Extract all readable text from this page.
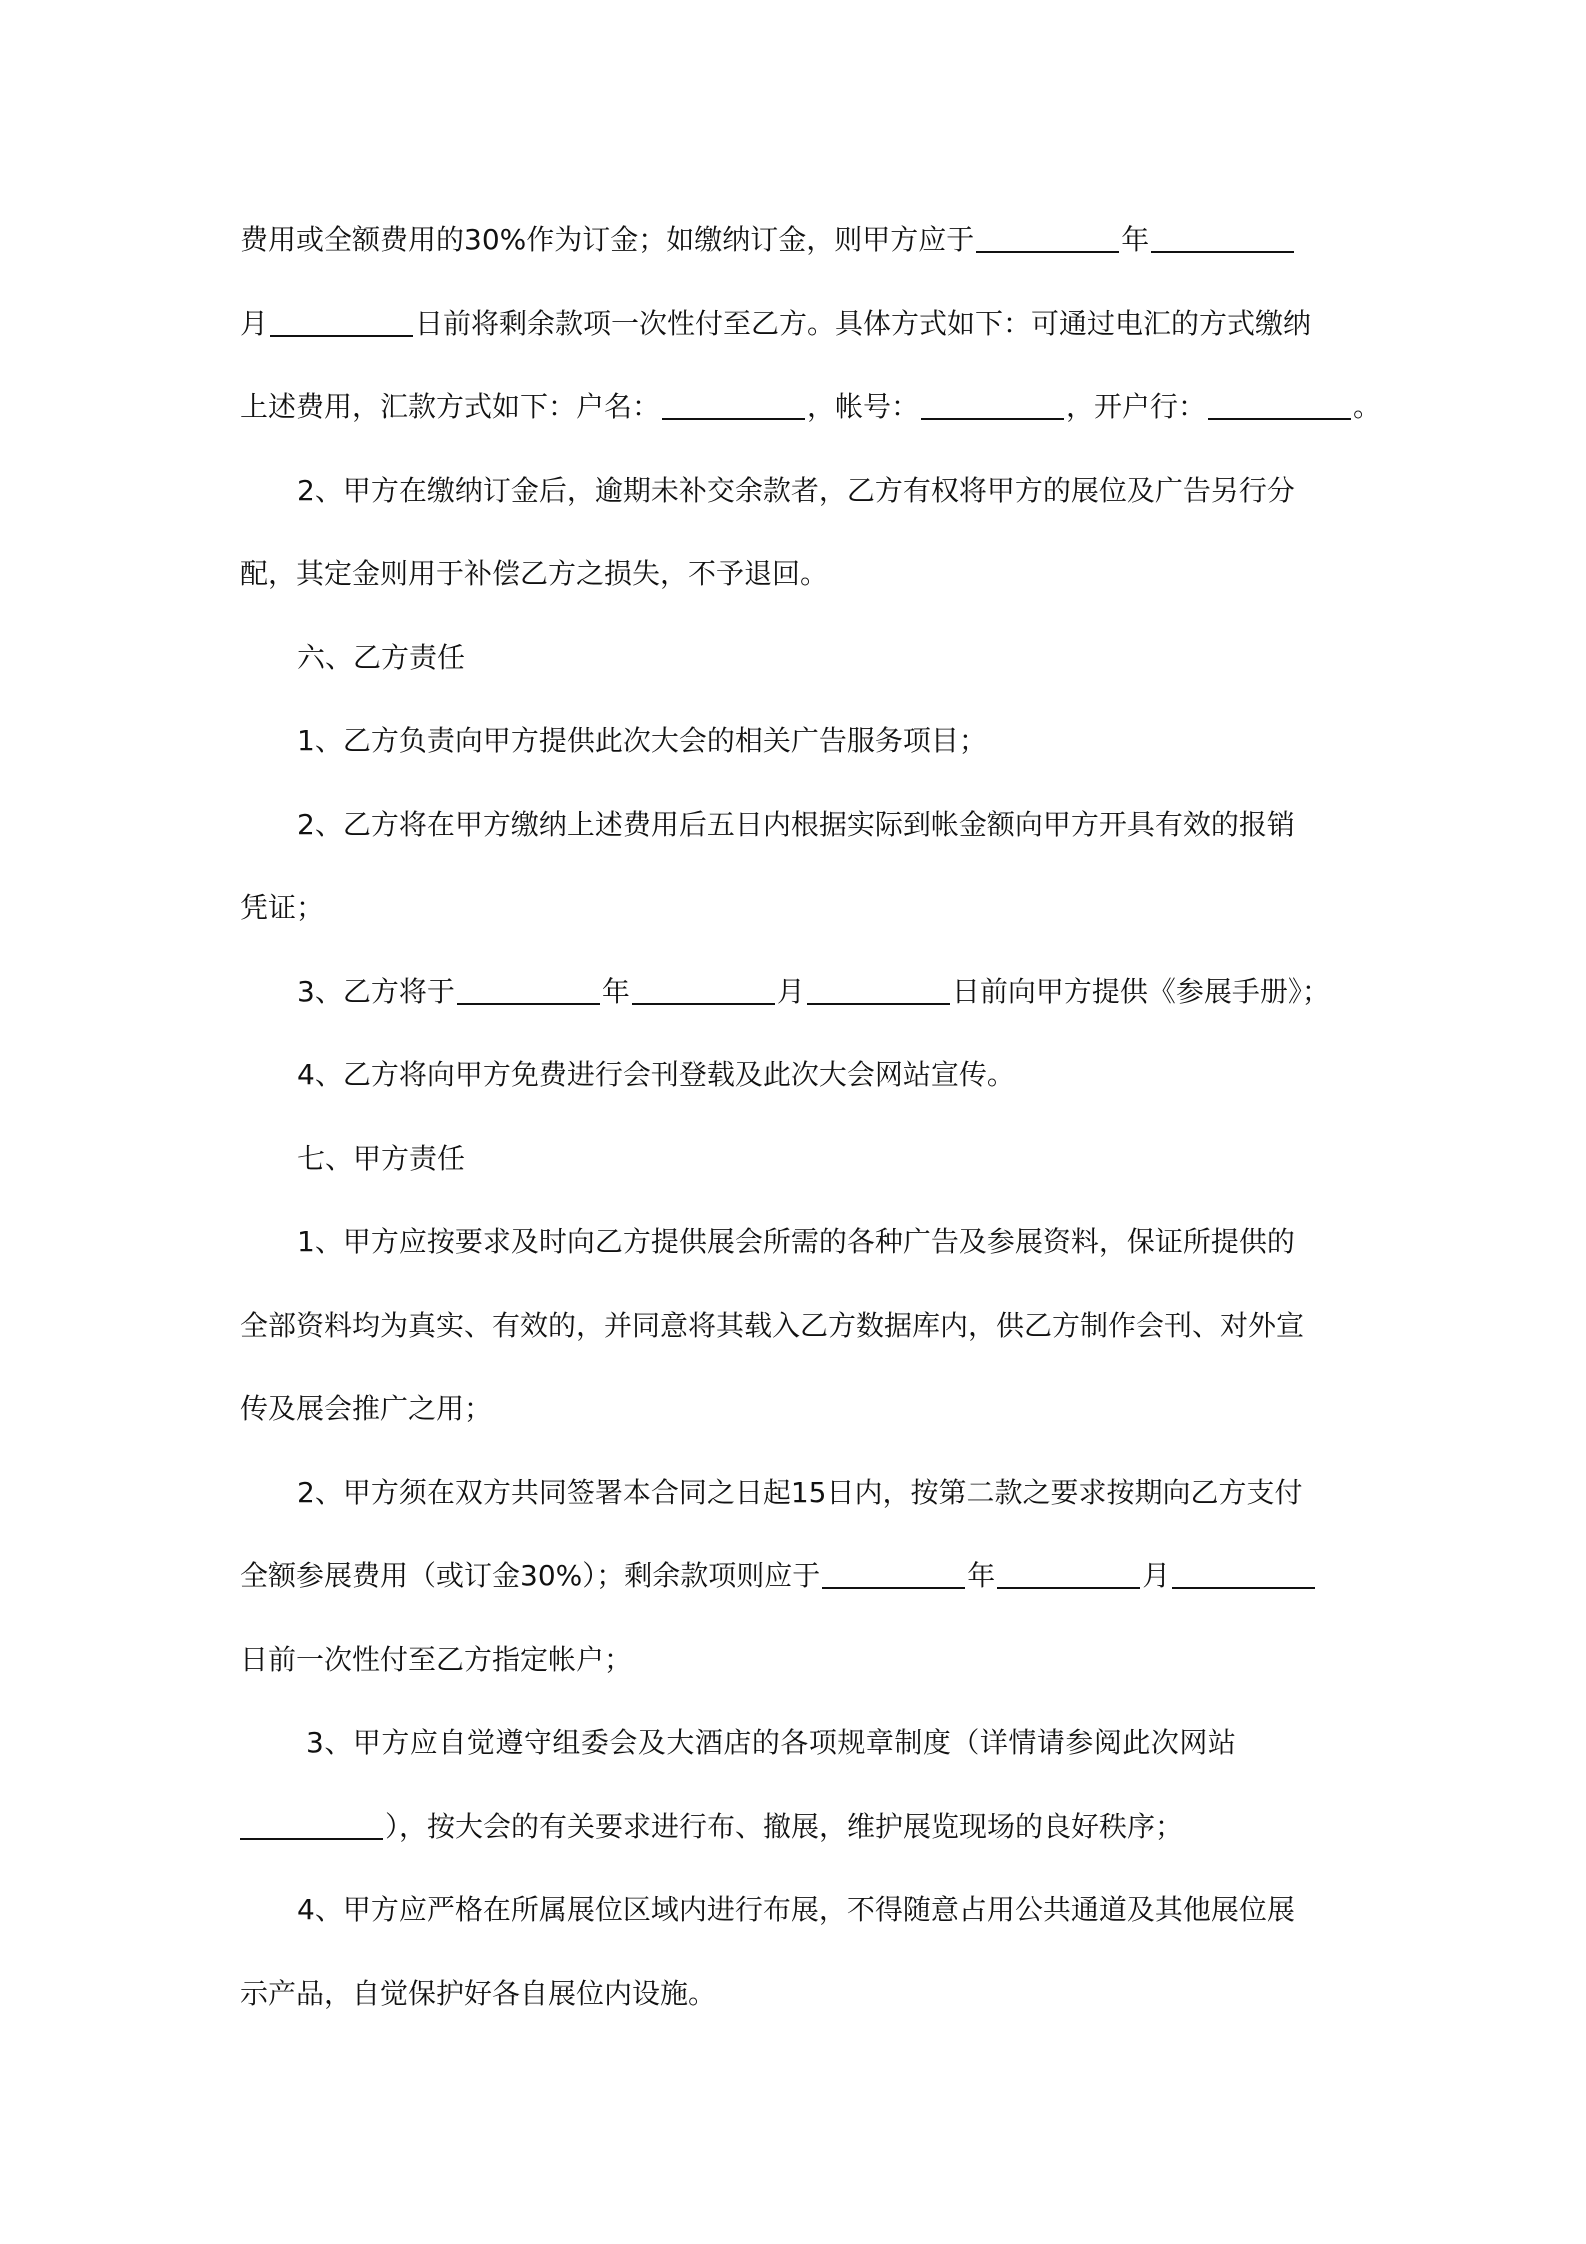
费用或全额费用的30%作为订金；如缴纳订金，则甲方应于	年

月	日前将剩余款项一次性付至乙方。具体方式如下：可通过电汇的方式缴纳

上述费用，汇款方式如下：户名：	，帐号：	，开户行：	。

2、甲方在缴纳订金后，逾期未补交余款者，乙方有权将甲方的展位及广告另行分

配，其定金则用于补偿乙方之损失，不予退回。

六、乙方责任

1、乙方负责向甲方提供此次大会的相关广告服务项目；

2、乙方将在甲方缴纳上述费用后五日内根据实际到帐金额向甲方开具有效的报销

凭证；

3、乙方将于	年	月	日前向甲方提供《参展手册》；

4、乙方将向甲方免费进行会刊登载及此次大会网站宣传。

七、甲方责任

1、甲方应按要求及时向乙方提供展会所需的各种广告及参展资料，保证所提供的

全部资料均为真实、有效的，并同意将其载入乙方数据库内，供乙方制作会刊、对外宣

传及展会推广之用；

2、甲方须在双方共同签署本合同之日起15日内，按第二款之要求按期向乙方支付

全额参展费用（或订金30%）；剩余款项则应于	年	月

日前一次性付至乙方指定帐户；

3、甲方应自觉遵守组委会及大酒店的各项规章制度（详情请参阅此次网站

），按大会的有关要求进行布、撤展，维护展览现场的良好秩序；

4、甲方应严格在所属展位区域内进行布展，不得随意占用公共通道及其他展位展

示产品，自觉保护好各自展位内设施。
